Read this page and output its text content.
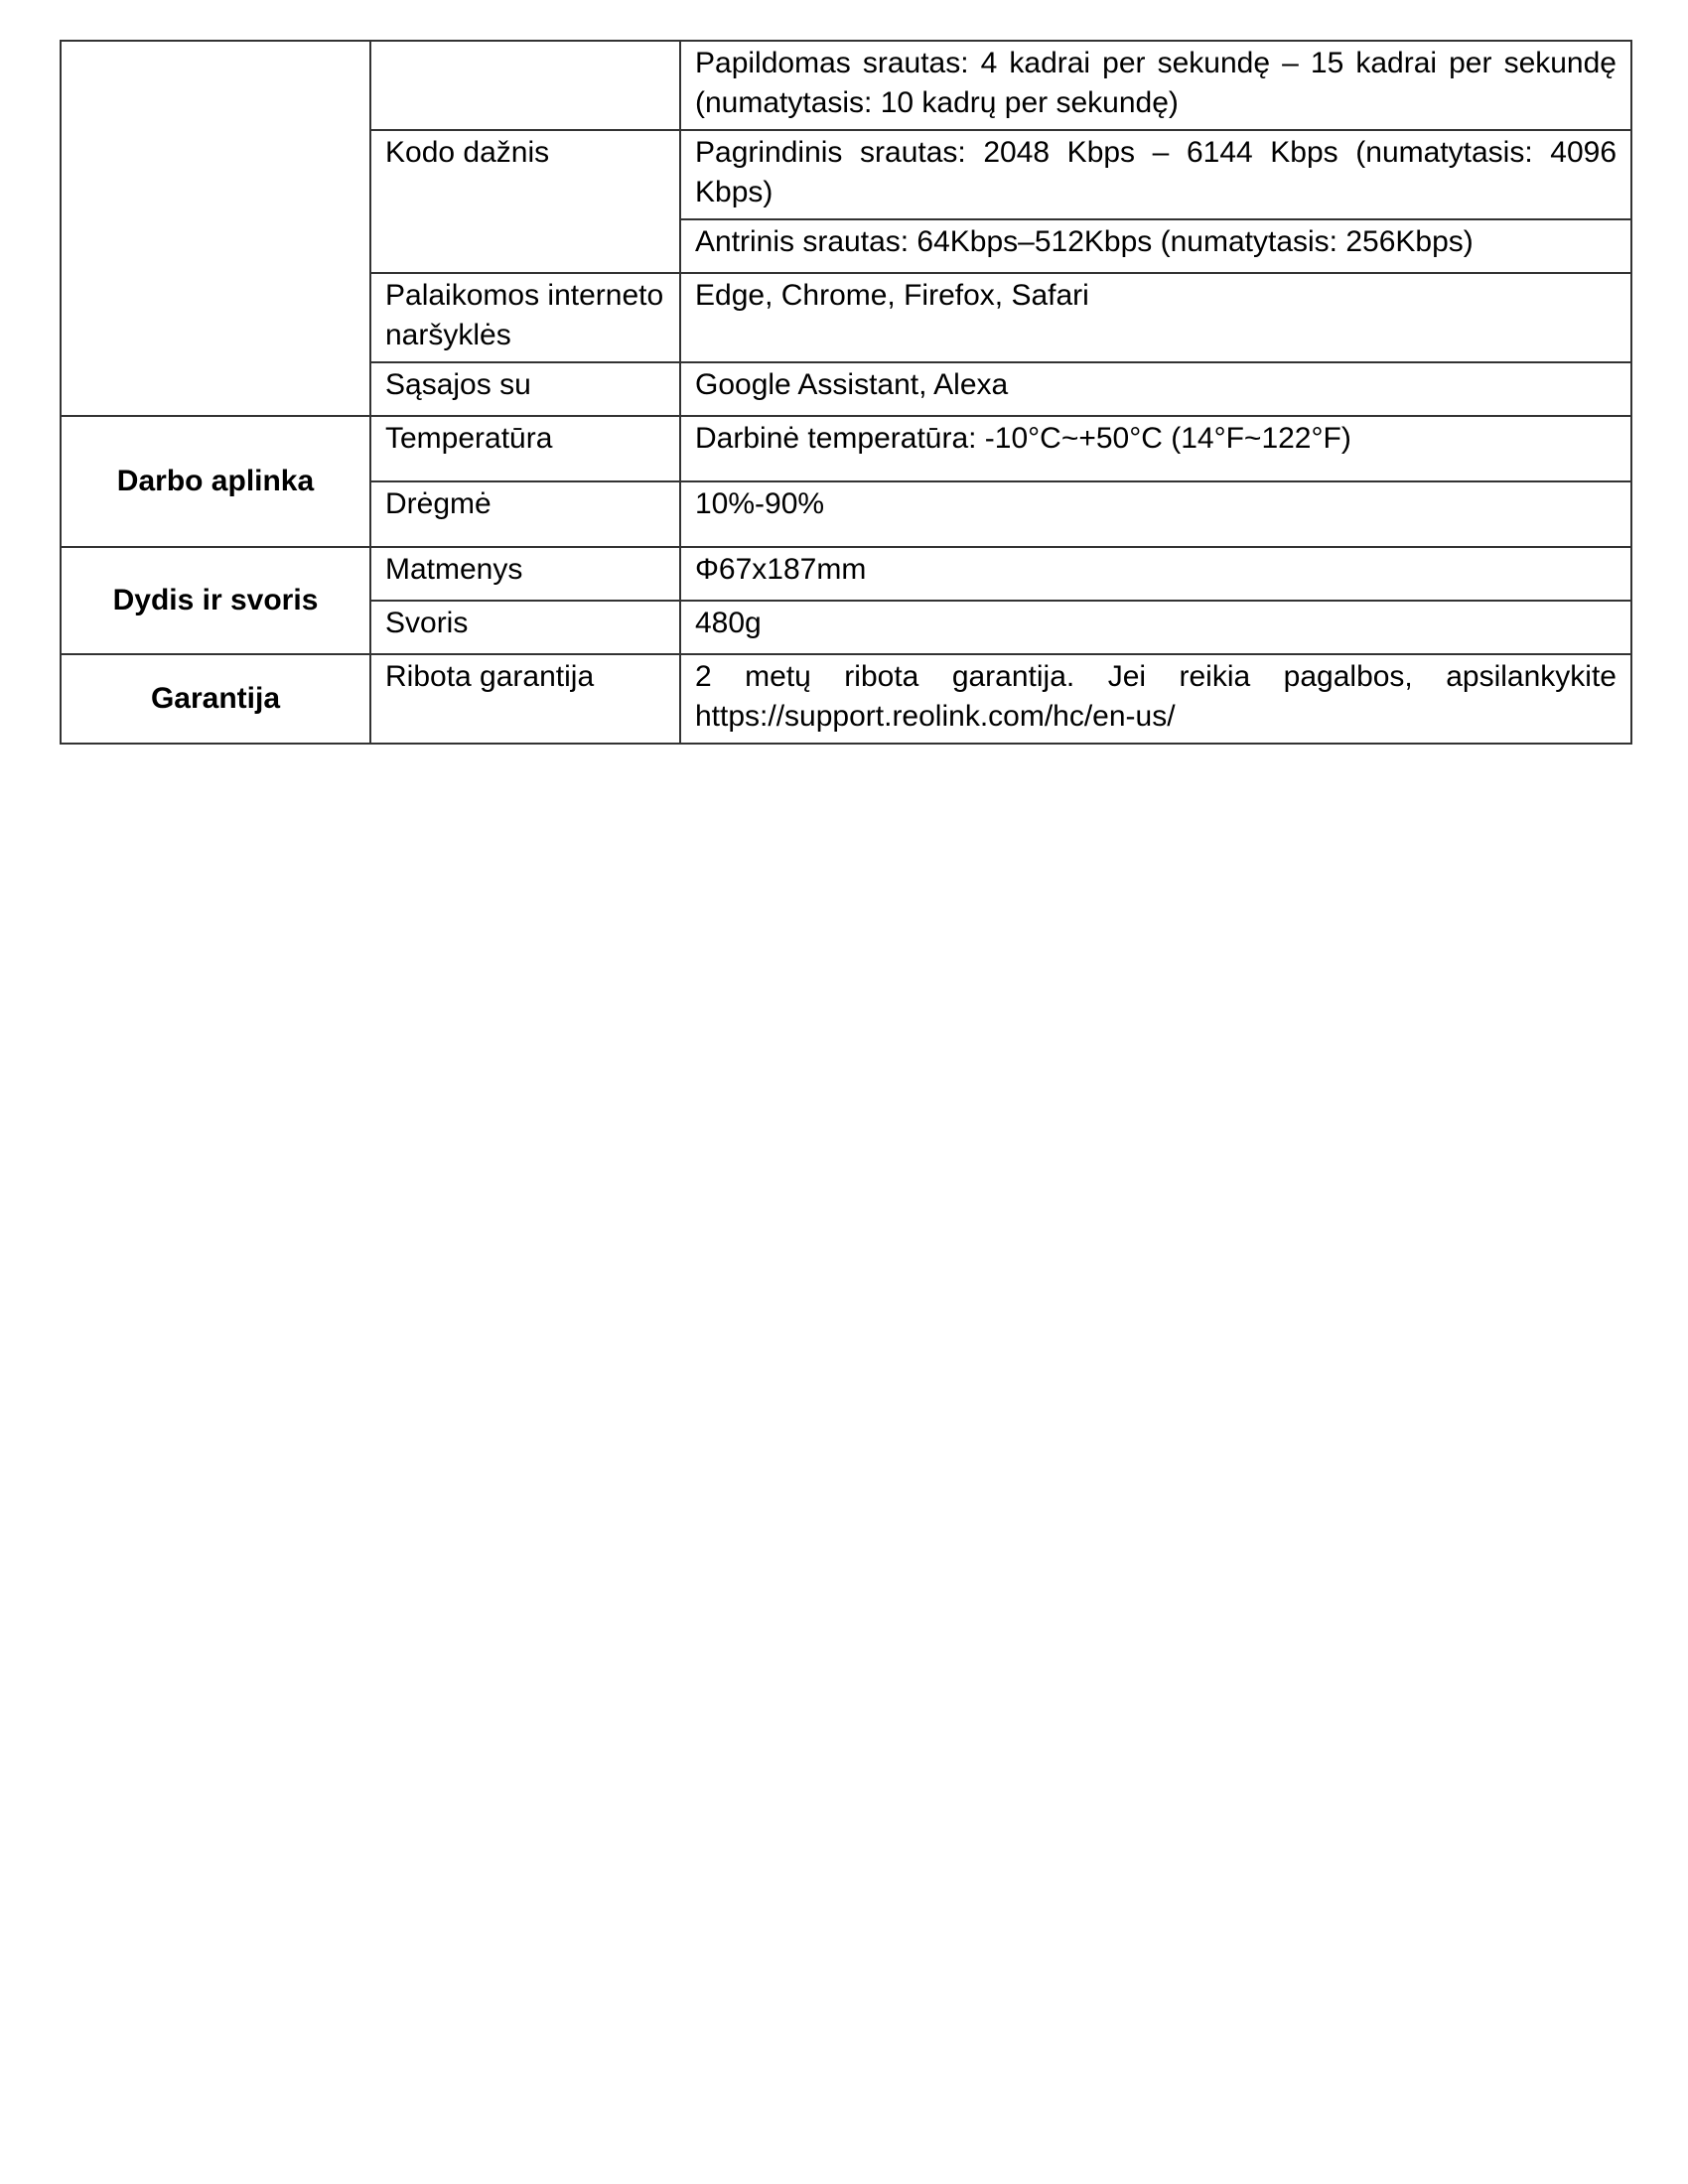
		Papildomas srautas: 4 kadrai per sekundę – 15 kadrai per sekundę (numatytasis: 10 kadrų per sekundę)
	Kodo dažnis	Pagrindinis srautas: 2048 Kbps – 6144 Kbps (numatytasis: 4096 Kbps)
		Antrinis srautas: 64Kbps–512Kbps (numatytasis: 256Kbps)
	Palaikomos interneto naršyklės	Edge, Chrome, Firefox, Safari
	Sąsajos su	Google Assistant, Alexa
Darbo aplinka	Temperatūra	Darbinė temperatūra: -10°C~+50°C (14°F~122°F)
	Drėgmė	10%-90%
Dydis ir svoris	Matmenys	Φ67x187mm
	Svoris	480g
Garantija	Ribota garantija	2 metų ribota garantija. Jei reikia pagalbos, apsilankykite https://support.reolink.com/hc/en-us/
